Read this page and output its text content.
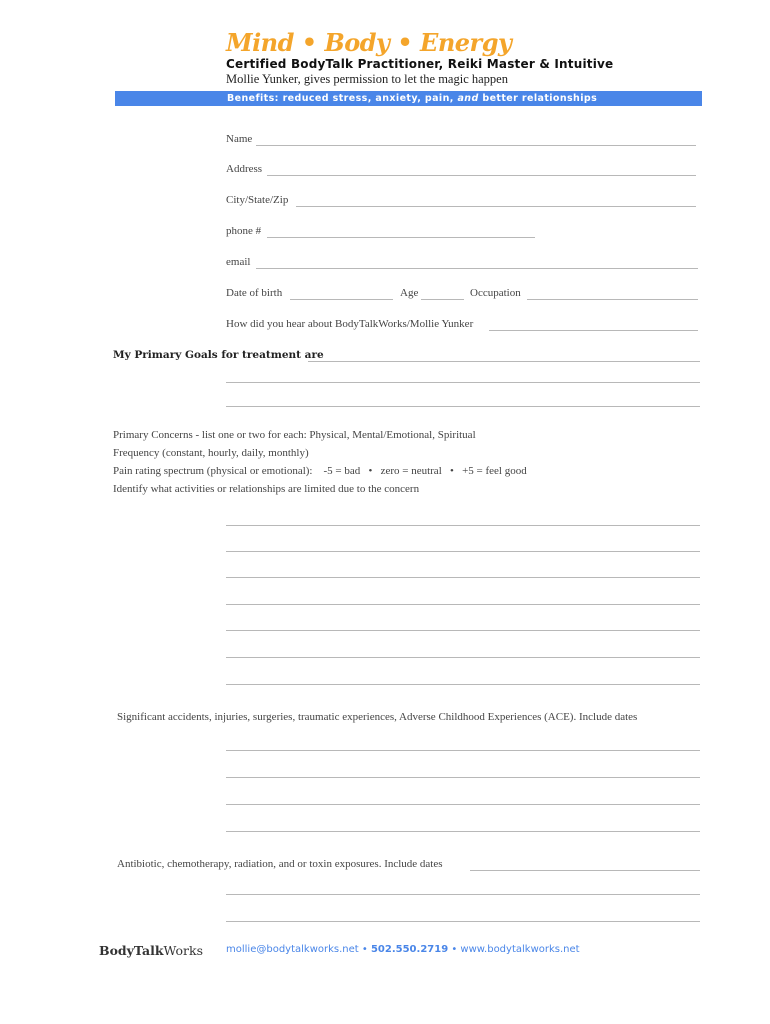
Mind • Body • Energy
Certified BodyTalk Practitioner, Reiki Master & Intuitive
Mollie Yunker, gives permission to let the magic happen
Benefits: reduced stress, anxiety, pain, and better relationships
Name
Address
City/State/Zip
phone #
email
Date of birth	Age	Occupation
How did you hear about BodyTalkWorks/Mollie Yunker
My Primary Goals for treatment are
Primary Concerns - list one or two for each: Physical, Mental/Emotional, Spiritual
Frequency (constant, hourly, daily, monthly)
Pain rating spectrum (physical or emotional):    -5 = bad   •   zero = neutral   •   +5 = feel good
Identify what activities or relationships are limited due to the concern
Significant accidents, injuries, surgeries, traumatic experiences, Adverse Childhood Experiences (ACE). Include dates
Antibiotic, chemotherapy, radiation, and or toxin exposures. Include dates
BodyTalkWorks mollie@bodytalkworks.net • 502.550.2719 • www.bodytalkworks.net
